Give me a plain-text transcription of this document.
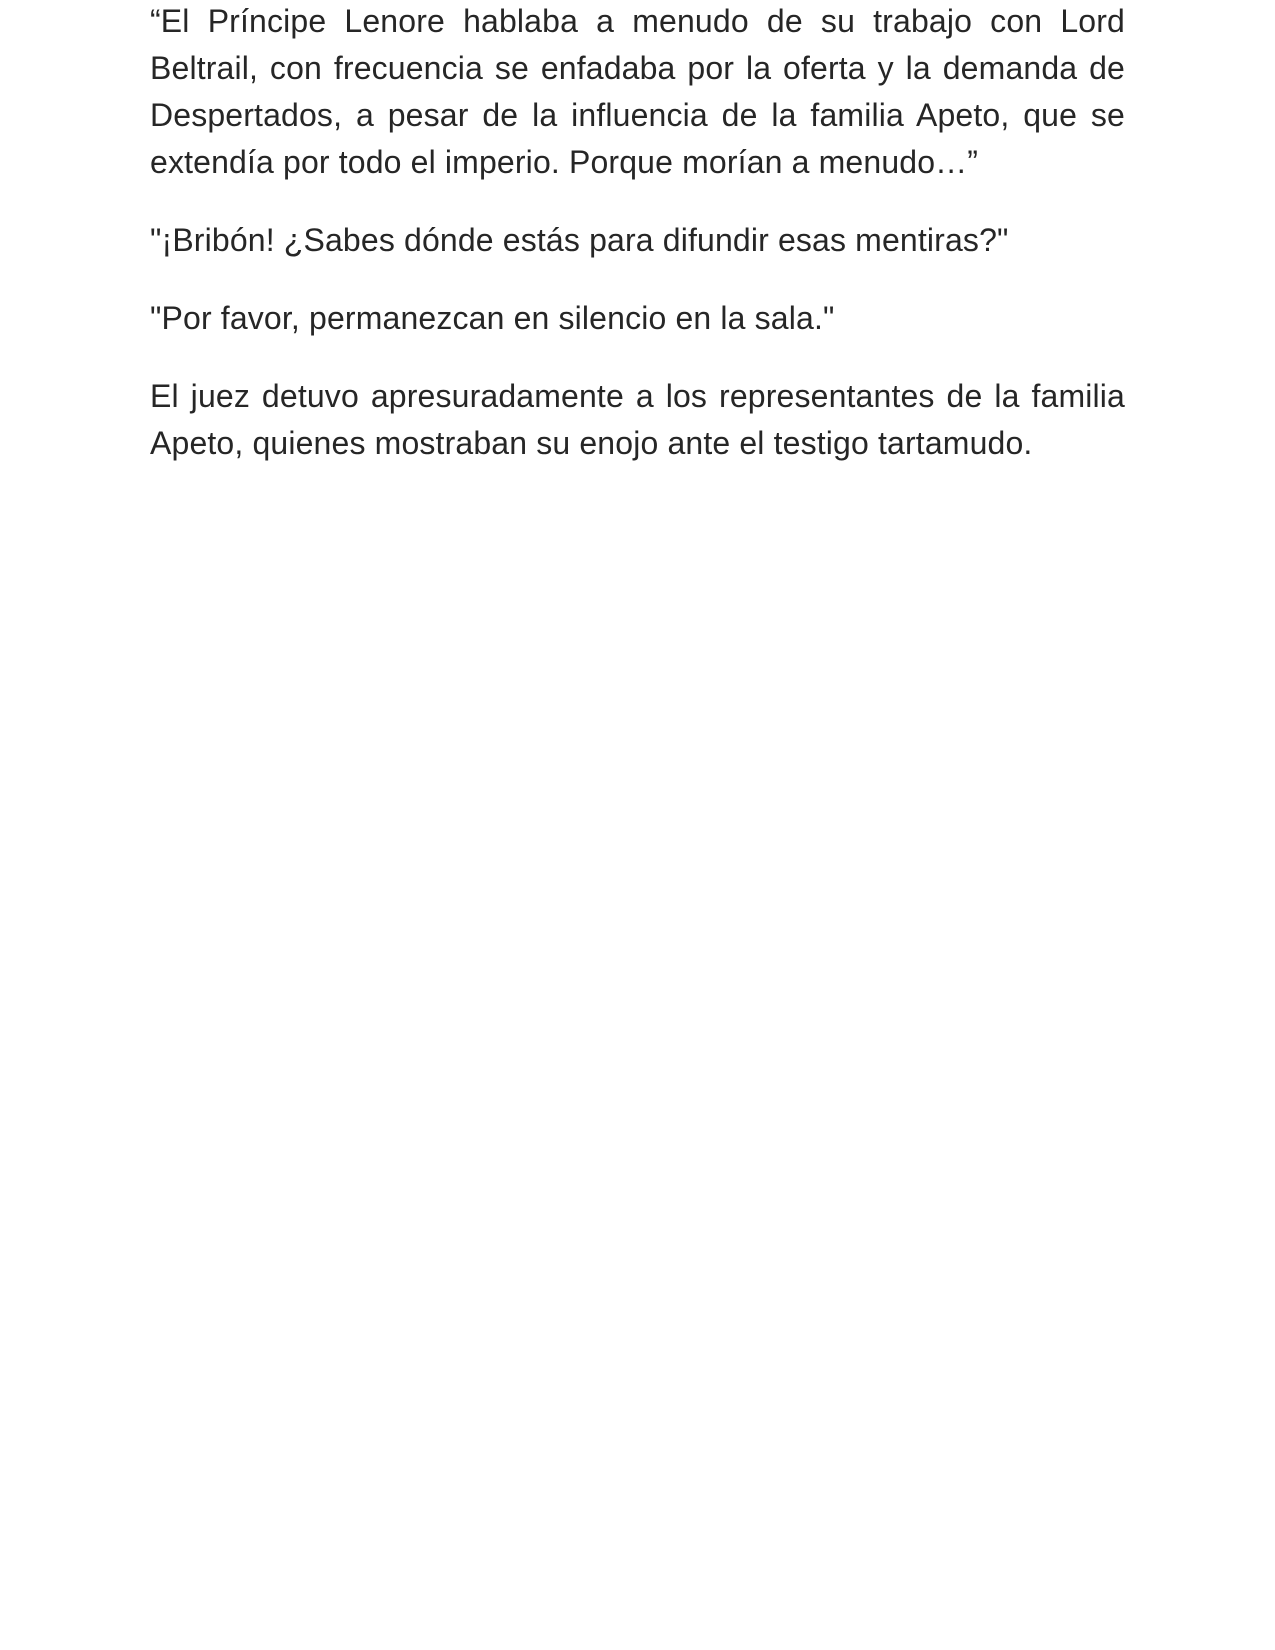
“El Príncipe Lenore hablaba a menudo de su trabajo con Lord Beltrail, con frecuencia se enfadaba por la oferta y la demanda de Despertados, a pesar de la influencia de la familia Apeto, que se extendía por todo el imperio. Porque morían a menudo…”

"¡Bribón! ¿Sabes dónde estás para difundir esas mentiras?"

"Por favor, permanezcan en silencio en la sala."

El juez detuvo apresuradamente a los representantes de la familia Apeto, quienes mostraban su enojo ante el testigo tartamudo.
